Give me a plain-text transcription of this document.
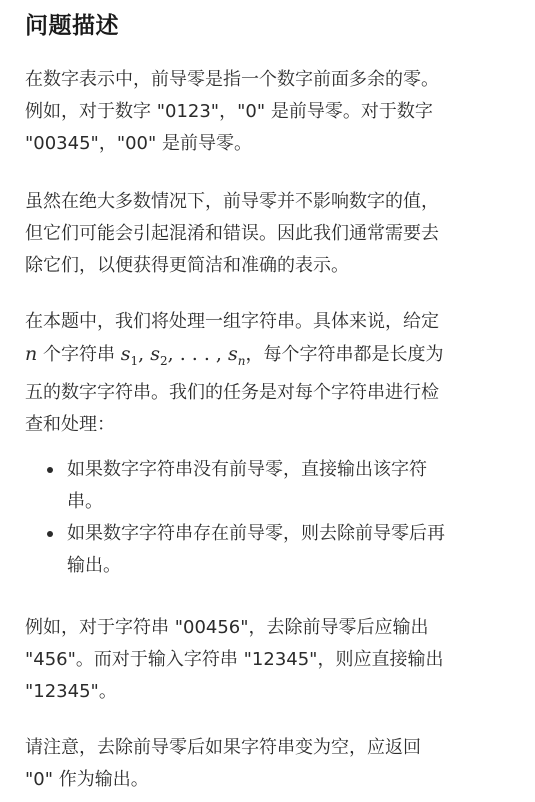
问题描述

在数字表示中，前导零是指一个数字前面多余的零。
例如，对于数字 "0123"，"0" 是前导零。对于数字
"00345"，"00" 是前导零。

虽然在绝大多数情况下，前导零并不影响数字的值，
但它们可能会引起混淆和错误。因此我们通常需要去
除它们，以便获得更简洁和准确的表示。

在本题中，我们将处理一组字符串。具体来说，给定
n 个字符串 $s_1$, $s_2$, . . . , $s_n$，每个字符串都是长度为
五的数字字符串。我们的任务是对每个字符串进行检
查和处理：

如果数字字符串没有前导零，直接输出该字符
串。
如果数字字符串存在前导零，则去除前导零后再
输出。

例如，对于字符串 "00456"，去除前导零后应输出
"456"。而对于输入字符串 "12345"，则应直接输出
"12345"。

请注意，去除前导零后如果字符串变为空，应返回
"0" 作为输出。
